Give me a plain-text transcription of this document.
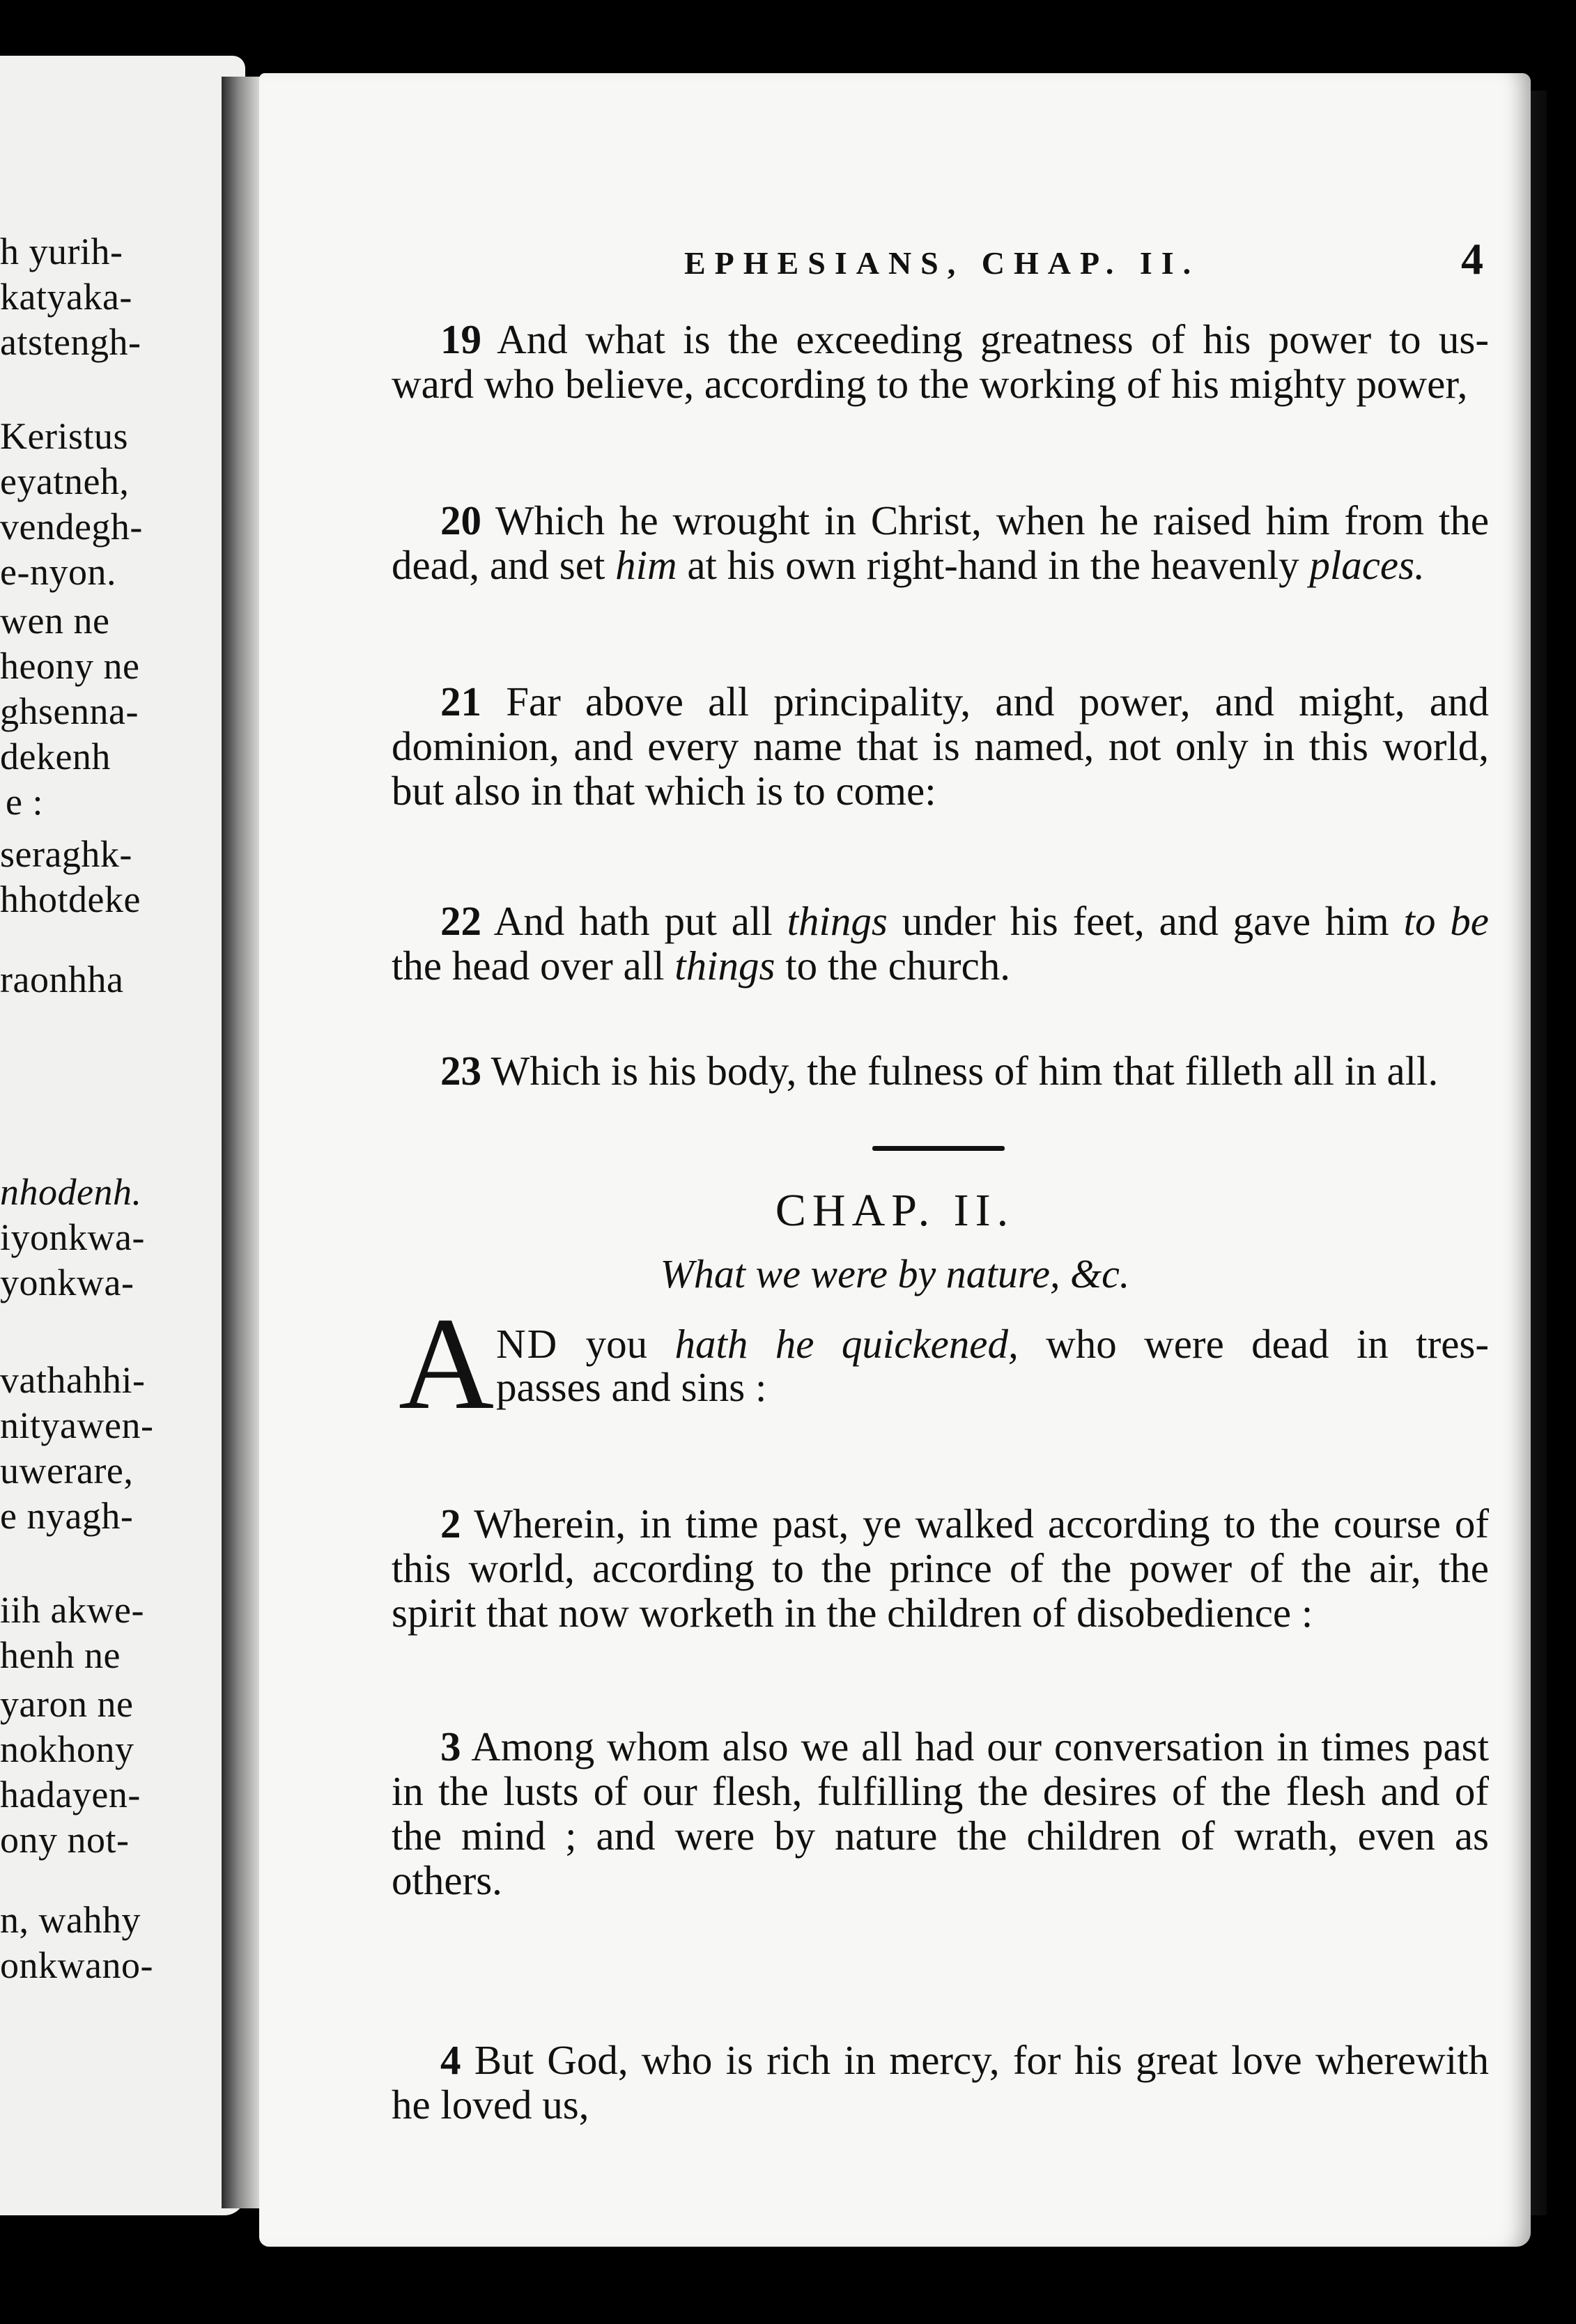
h yurih-
katyaka-
atstengh-
Keristus
eyatneh,
vendegh-
e-nyon.
wen ne
heony ne
ghsenna-
dekenh
e :
seraghk-
hhotdeke
raonhha
nhodenh.
iyonkwa-
yonkwa-
vathahhi-
nityawen-
uwerare,
e nyagh-
iih akwe-
henh ne
yaron ne
nokhony
hadayen-
ony not-
n, wahhy
onkwano-
EPHESIANS, CHAP. II.	4
19 And what is the exceeding greatness of his power to us-ward who believe, according to the working of his mighty power,
20 Which he wrought in Christ, when he raised him from the dead, and set him at his own right-hand in the heavenly places.
21 Far above all principality, and power, and might, and dominion, and every name that is named, not only in this world, but also in that which is to come:
22 And hath put all things under his feet, and gave him to be the head over all things to the church.
23 Which is his body, the fulness of him that filleth all in all.
CHAP. II.
What we were by nature, &c.
A ND you hath he quickened, who were dead in tres-
passes and sins :
2 Wherein, in time past, ye walked according to the course of this world, according to the prince of the power of the air, the spirit that now worketh in the children of disobedience :
3 Among whom also we all had our conversation in times past in the lusts of our flesh, fulfilling the desires of the flesh and of the mind ; and were by nature the children of wrath, even as others.
4 But God, who is rich in mercy, for his great love wherewith he loved us,
